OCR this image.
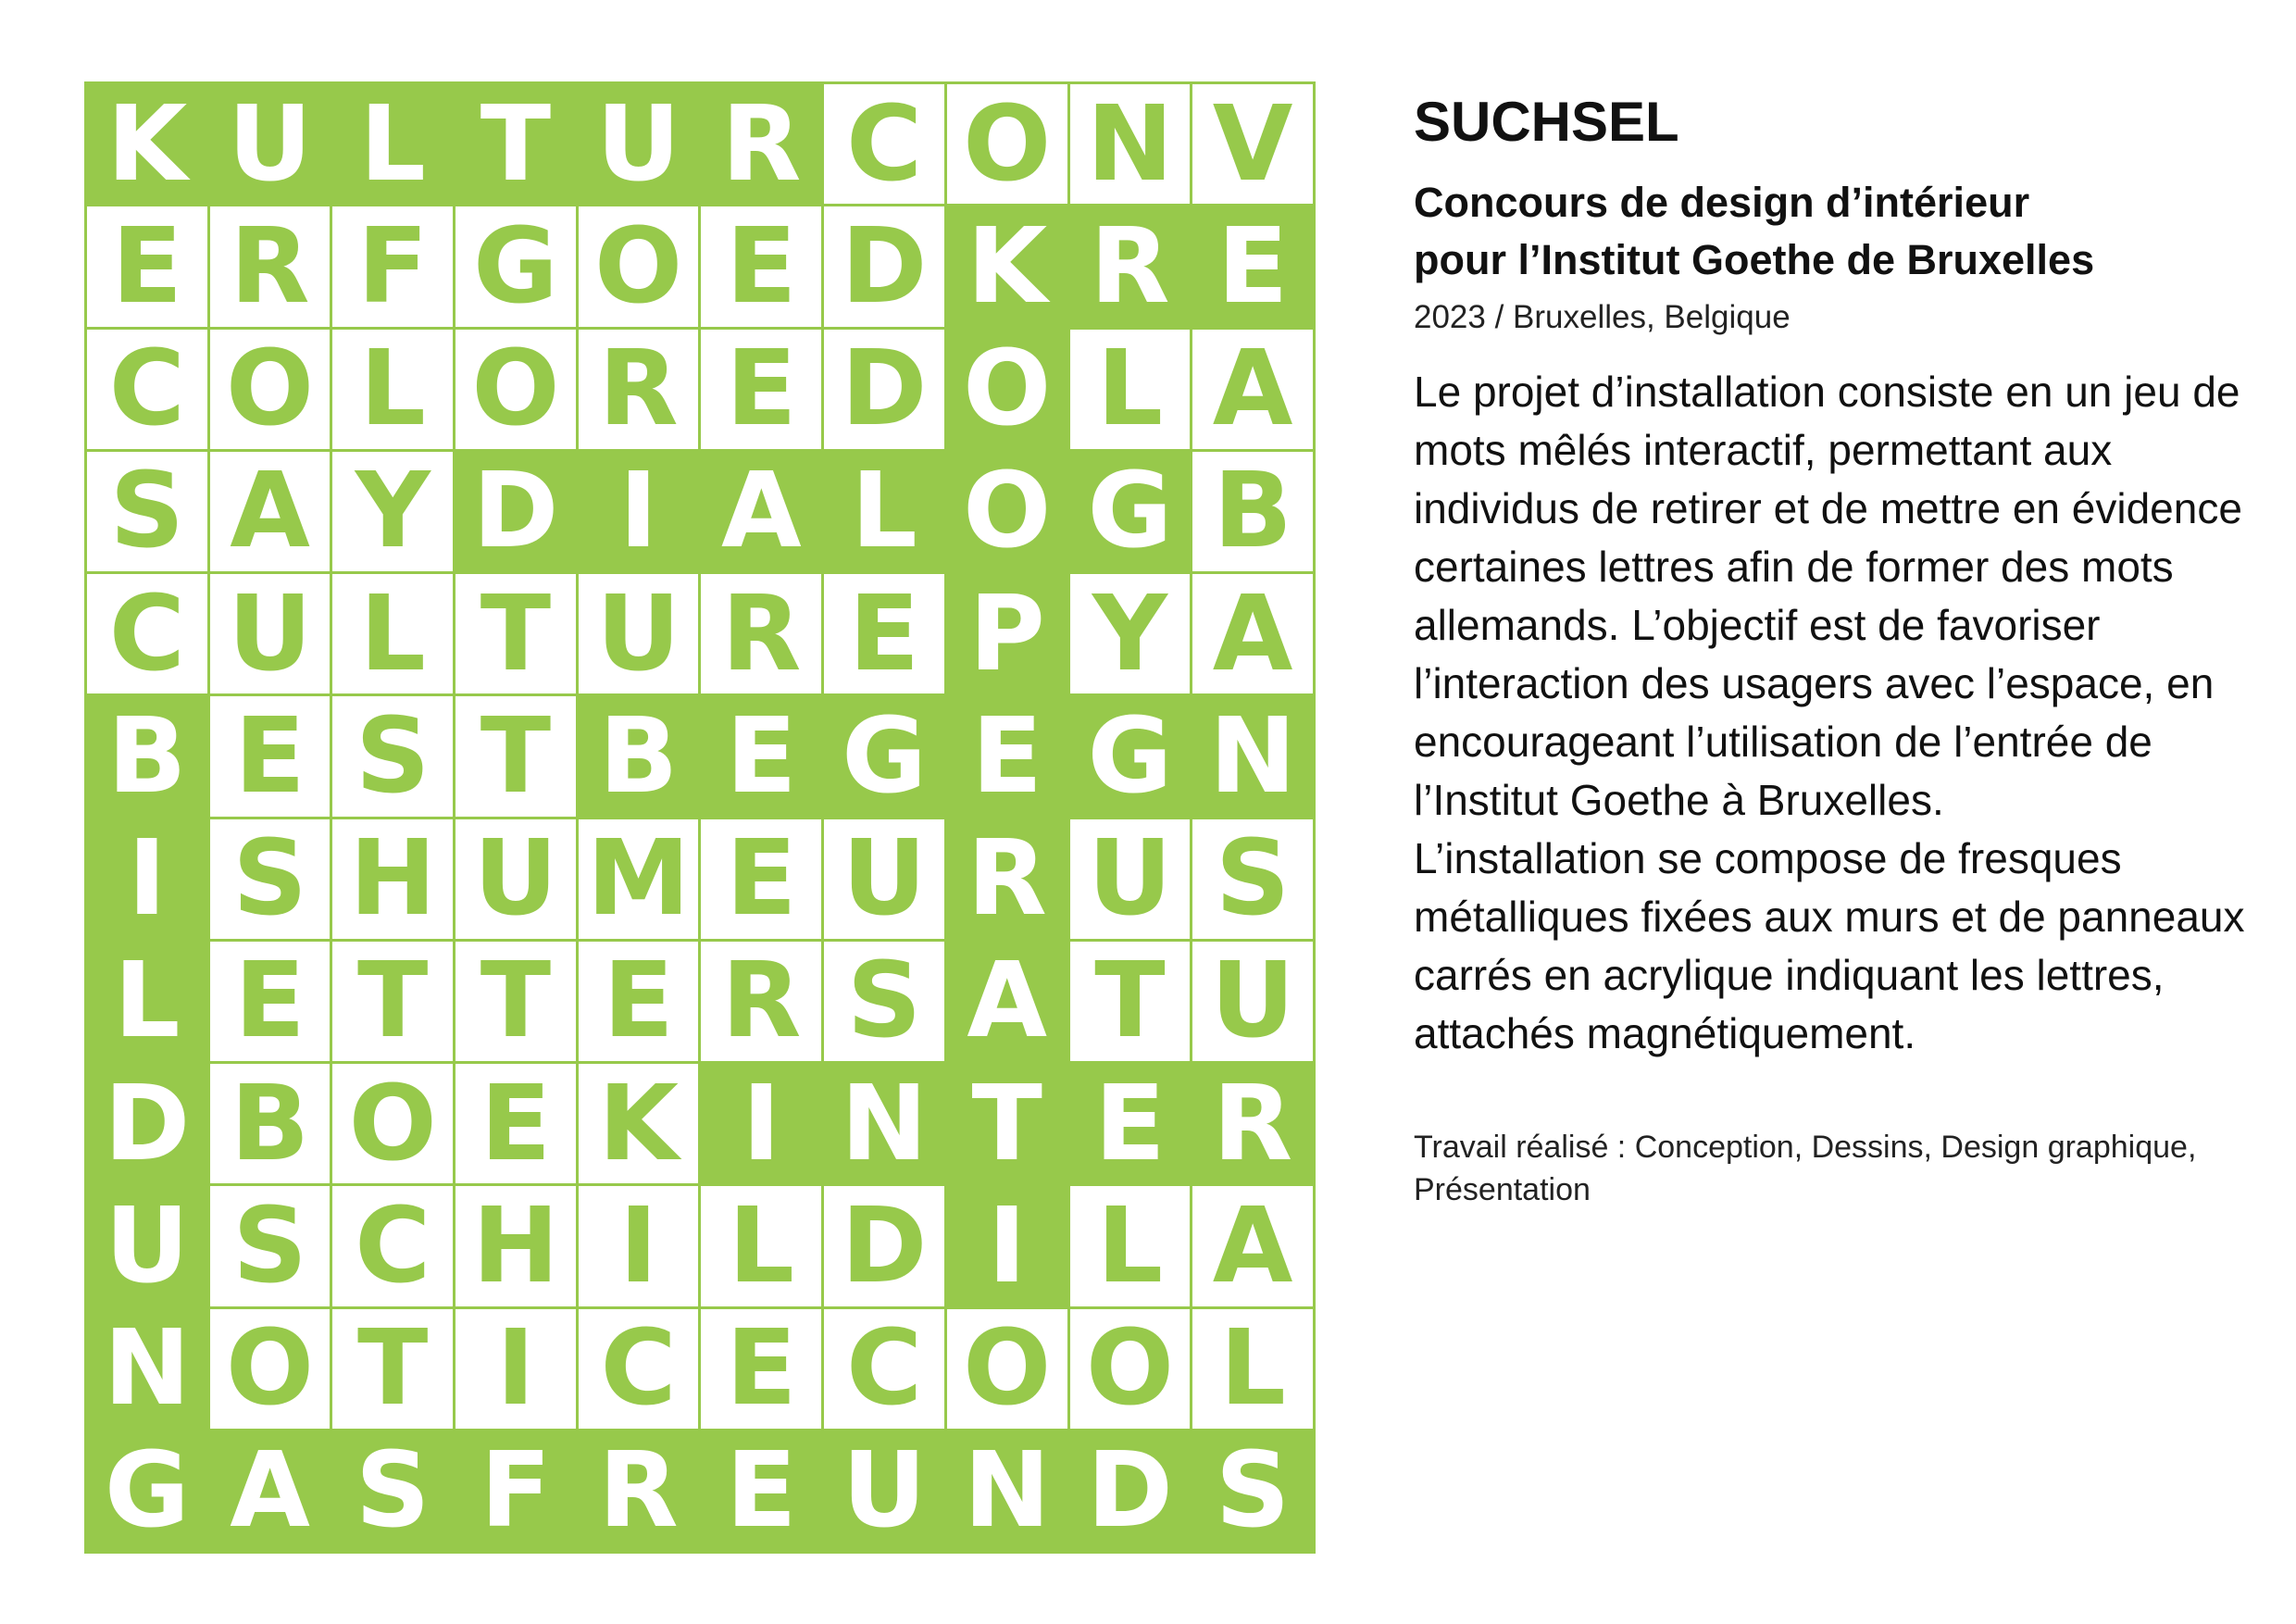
K U L T U R C O N V
E R F G O E D K R E
C O L O R E D O L A
S A Y D I A L O G B
C U L T U R E P Y A
B E S T B E G E G N
I S H U M E U R U S
L E T T E R S A T U
D B O E K I N T E R
U S C H I L D I L A
N O T I C E C O O L
G A S F R E U N D S
SUCHSEL
Concours de design d’intérieur
pour l’Institut Goethe de Bruxelles
2023 / Bruxelles, Belgique

Le projet d’installation consiste en un jeu de mots mêlés interactif, permettant aux individus de retirer et de mettre en évidence certaines lettres afin de former des mots allemands. L’objectif est de favoriser l’interaction des usagers avec l’espace, en encourageant l’utilisation de l’entrée de l’Institut Goethe à Bruxelles.

L’installation se compose de fresques métalliques fixées aux murs et de panneaux carrés en acrylique indiquant les lettres, attachés magnétiquement.

Travail réalisé : Conception, Dessins, Design graphique, Présentation
